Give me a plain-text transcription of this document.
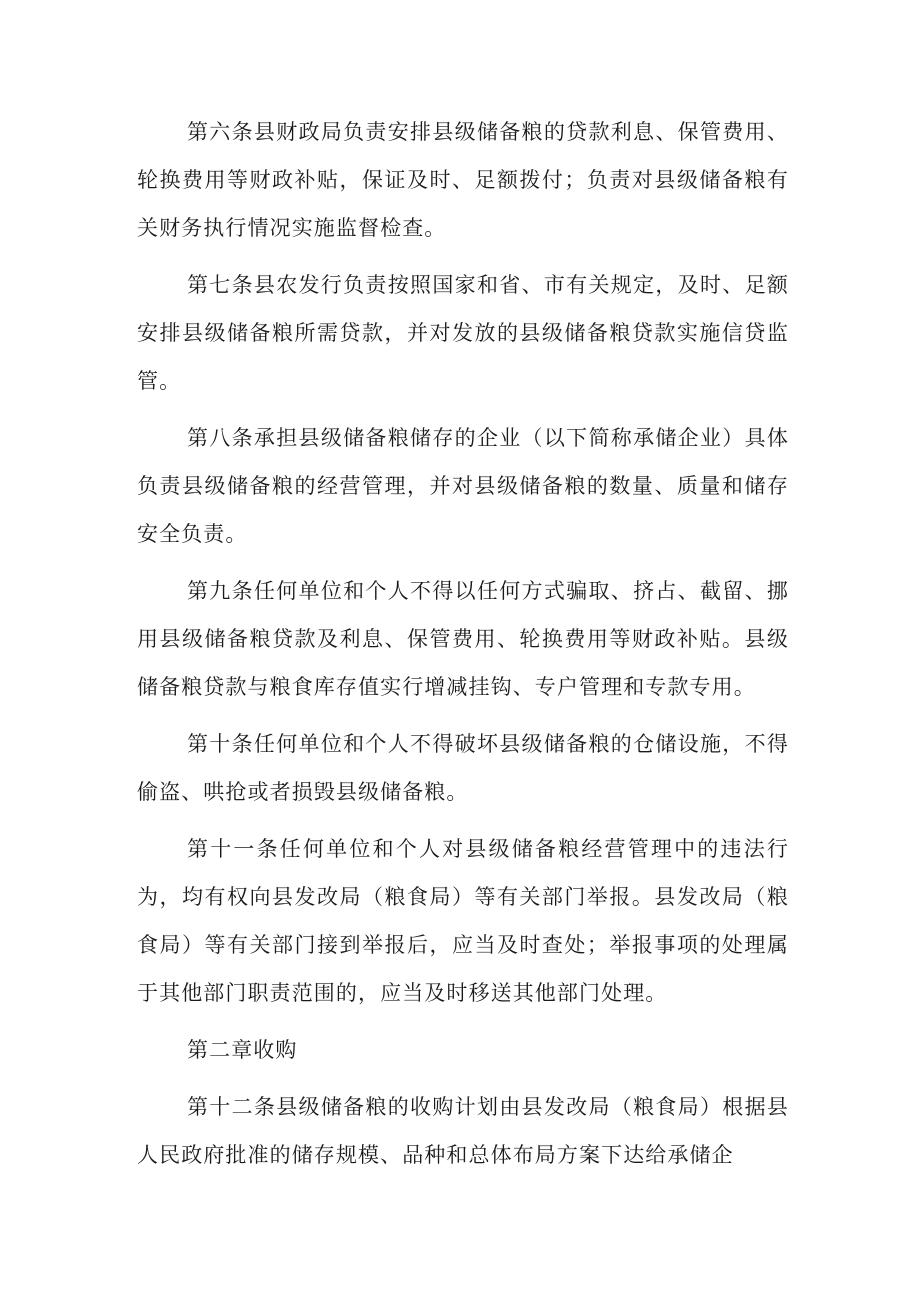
第六条县财政局负责安排县级储备粮的贷款利息、保管费用、轮换费用等财政补贴，保证及时、足额拨付；负责对县级储备粮有关财务执行情况实施监督检查。

第七条县农发行负责按照国家和省、市有关规定，及时、足额安排县级储备粮所需贷款，并对发放的县级储备粮贷款实施信贷监管。

第八条承担县级储备粮储存的企业（以下简称承储企业）具体负责县级储备粮的经营管理，并对县级储备粮的数量、质量和储存安全负责。

第九条任何单位和个人不得以任何方式骗取、挤占、截留、挪用县级储备粮贷款及利息、保管费用、轮换费用等财政补贴。县级储备粮贷款与粮食库存值实行增减挂钩、专户管理和专款专用。

第十条任何单位和个人不得破坏县级储备粮的仓储设施，不得偷盗、哄抢或者损毁县级储备粮。

第十一条任何单位和个人对县级储备粮经营管理中的违法行为，均有权向县发改局（粮食局）等有关部门举报。县发改局（粮食局）等有关部门接到举报后，应当及时查处；举报事项的处理属于其他部门职责范围的，应当及时移送其他部门处理。

第二章收购

第十二条县级储备粮的收购计划由县发改局（粮食局）根据县人民政府批准的储存规模、品种和总体布局方案下达给承储企
